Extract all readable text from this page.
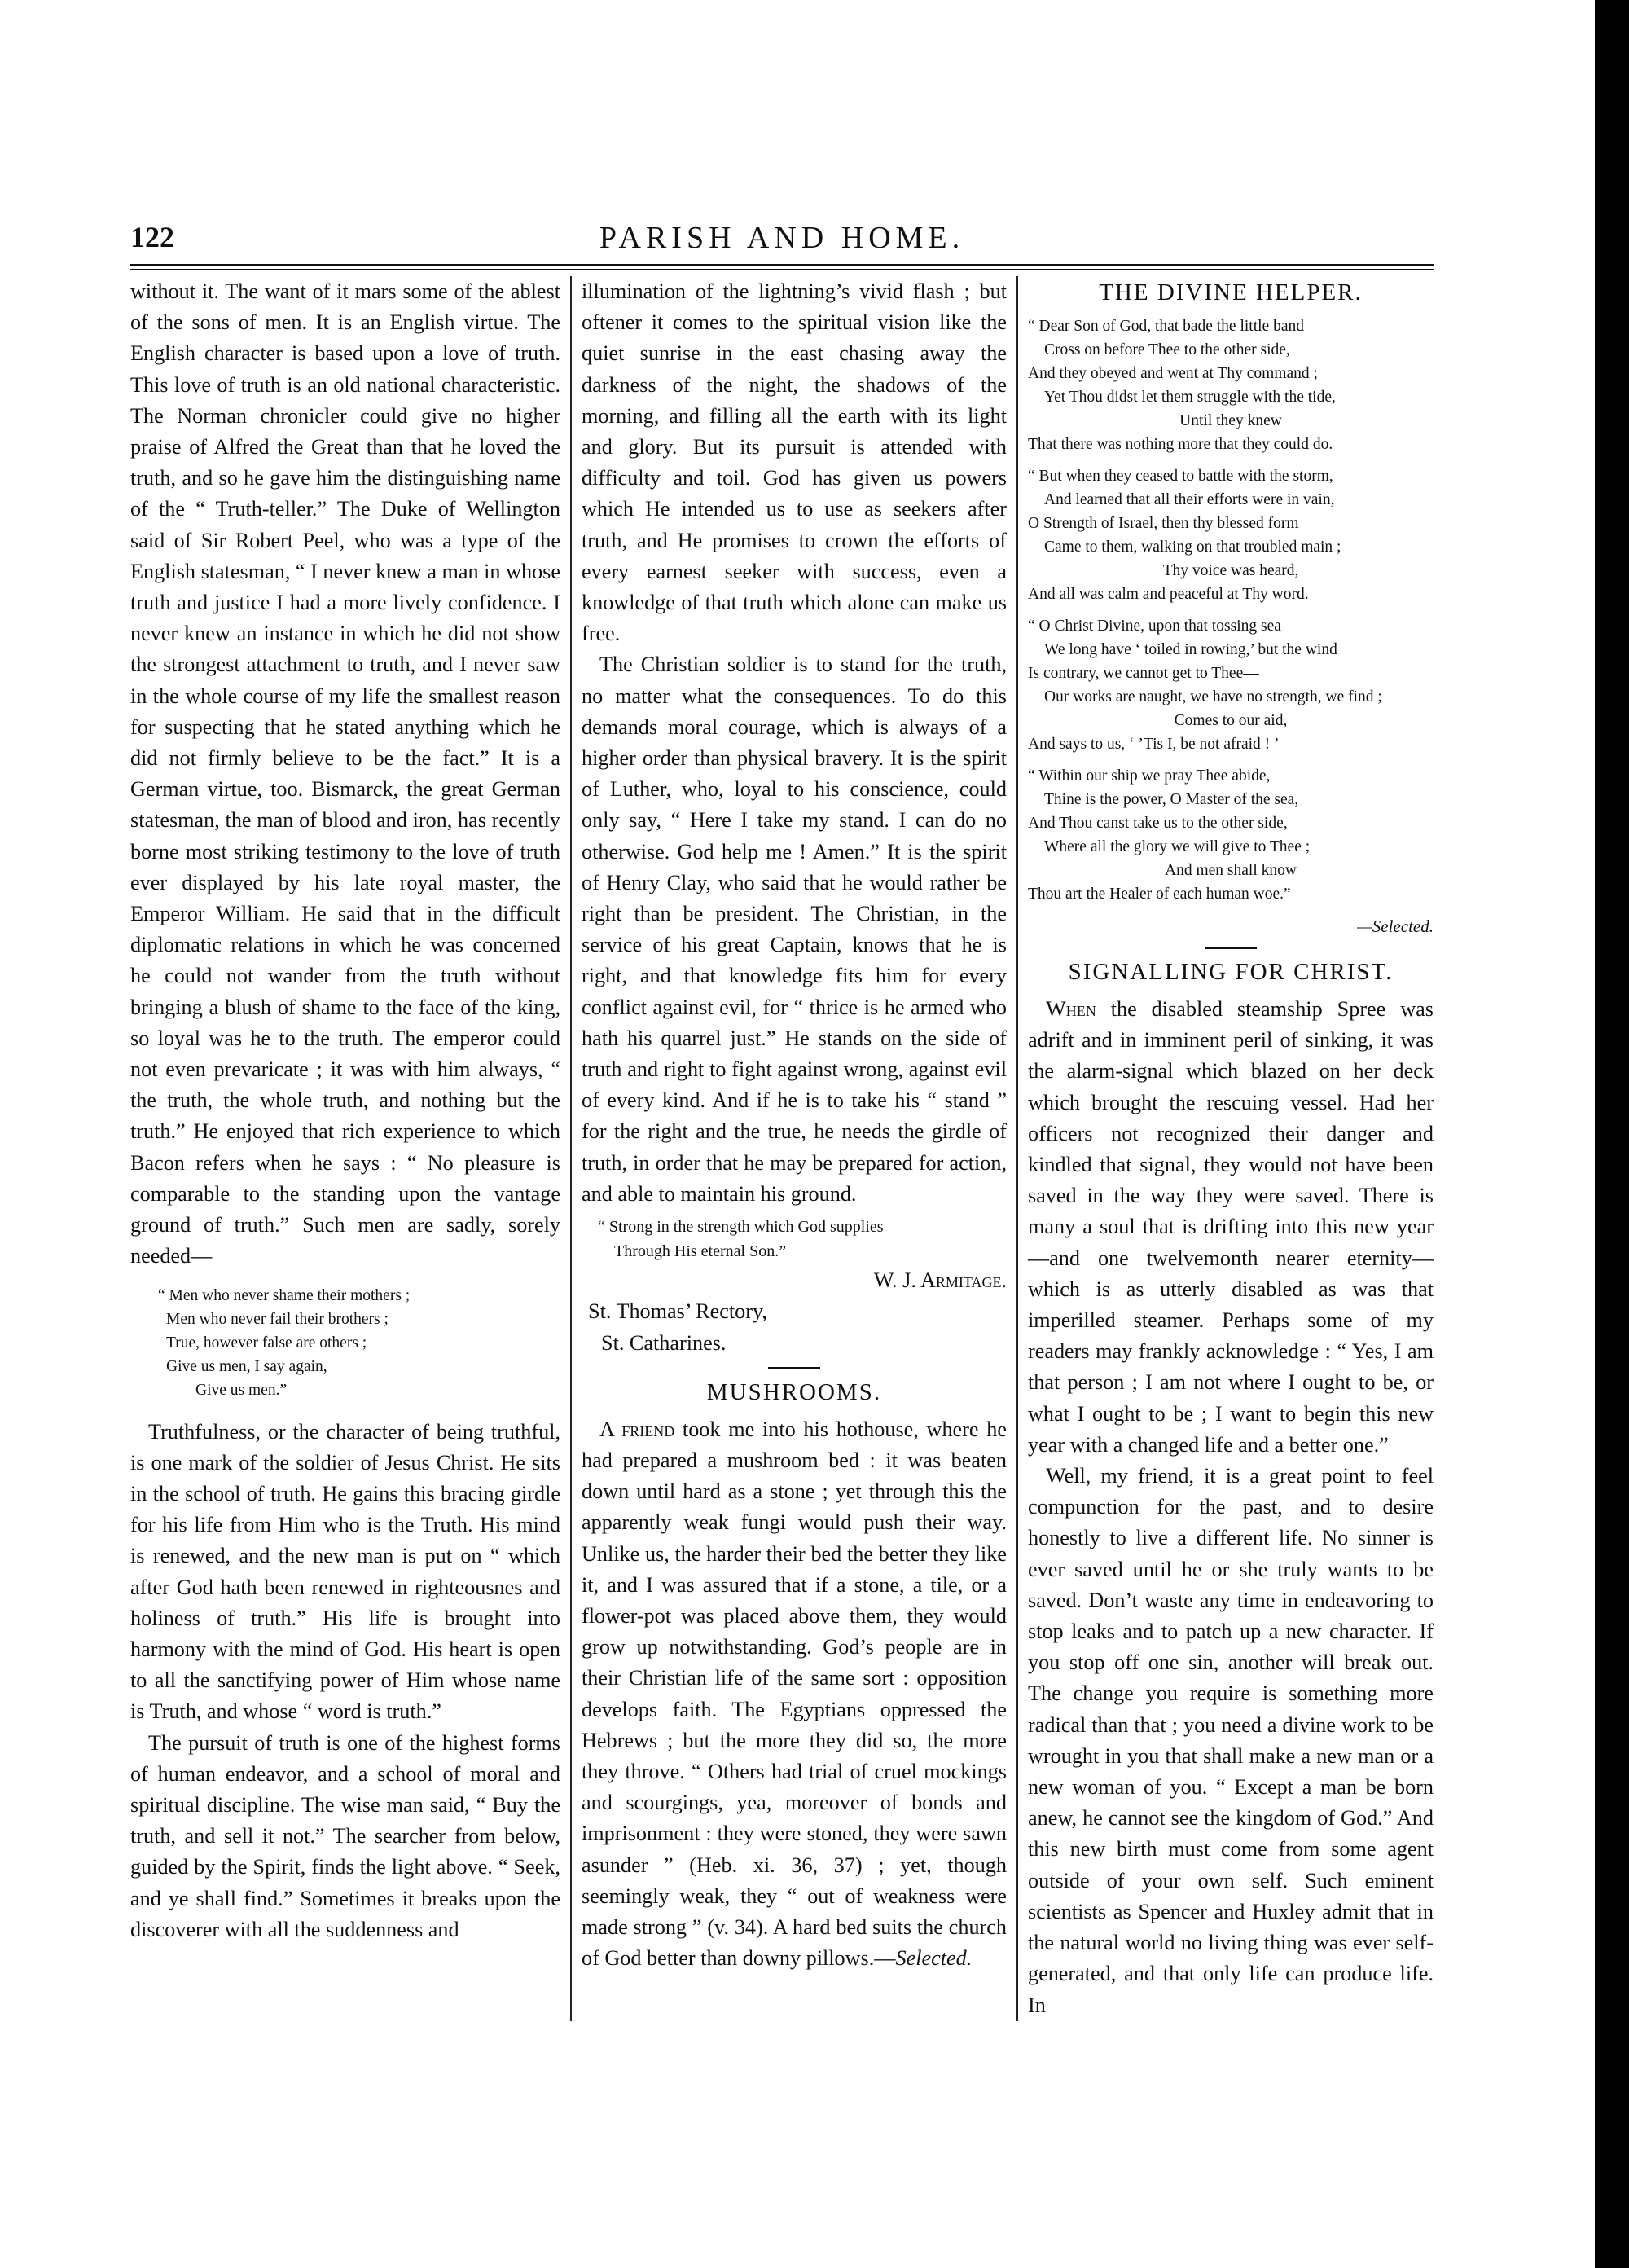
122	PARISH AND HOME.

without it. The want of it mars some of the ablest of the sons of men. It is an English virtue. The English character is based upon a love of truth. This love of truth is an old national characteristic. The Norman chronicler could give no higher praise of Alfred the Great than that he loved the truth, and so he gave him the distinguishing name of the “ Truth-teller.” The Duke of Wellington said of Sir Robert Peel, who was a type of the English statesman, “ I never knew a man in whose truth and justice I had a more lively confidence. I never knew an instance in which he did not show the strongest attachment to truth, and I never saw in the whole course of my life the smallest reason for suspecting that he stated anything which he did not firmly believe to be the fact.” It is a German virtue, too. Bismarck, the great German statesman, the man of blood and iron, has recently borne most striking testimony to the love of truth ever displayed by his late royal master, the Emperor William. He said that in the difficult diplomatic relations in which he was concerned he could not wander from the truth without bringing a blush of shame to the face of the king, so loyal was he to the truth. The emperor could not even prevaricate ; it was with him always, “ the truth, the whole truth, and nothing but the truth.” He enjoyed that rich experience to which Bacon refers when he says : “ No pleasure is comparable to the standing upon the vantage ground of truth.” Such men are sadly, sorely needed—

“ Men who never shame their mothers ;
Men who never fail their brothers ;
True, however false are others ;
Give us men, I say again,
Give us men.”

Truthfulness, or the character of being truthful, is one mark of the soldier of Jesus Christ. He sits in the school of truth. He gains this bracing girdle for his life from Him who is the Truth. His mind is renewed, and the new man is put on “ which after God hath been renewed in righteousnes and holiness of truth.” His life is brought into harmony with the mind of God. His heart is open to all the sanctifying power of Him whose name is Truth, and whose “ word is truth.”

The pursuit of truth is one of the highest forms of human endeavor, and a school of moral and spiritual discipline. The wise man said, “ Buy the truth, and sell it not.” The searcher from below, guided by the Spirit, finds the light above. “ Seek, and ye shall find.” Sometimes it breaks upon the discoverer with all the suddenness and

illumination of the lightning’s vivid flash ; but oftener it comes to the spiritual vision like the quiet sunrise in the east chasing away the darkness of the night, the shadows of the morning, and filling all the earth with its light and glory. But its pursuit is attended with difficulty and toil. God has given us powers which He intended us to use as seekers after truth, and He promises to crown the efforts of every earnest seeker with success, even a knowledge of that truth which alone can make us free.

The Christian soldier is to stand for the truth, no matter what the consequences. To do this demands moral courage, which is always of a higher order than physical bravery. It is the spirit of Luther, who, loyal to his conscience, could only say, “ Here I take my stand. I can do no otherwise. God help me ! Amen.” It is the spirit of Henry Clay, who said that he would rather be right than be president. The Christian, in the service of his great Captain, knows that he is right, and that knowledge fits him for every conflict against evil, for “ thrice is he armed who hath his quarrel just.” He stands on the side of truth and right to fight against wrong, against evil of every kind. And if he is to take his “ stand ” for the right and the true, he needs the girdle of truth, in order that he may be prepared for action, and able to maintain his ground.

“ Strong in the strength which God supplies
Through His eternal Son.”
W. J. Armitage.
St. Thomas’ Rectory,
St. Catharines.
MUSHROOMS.

A friend took me into his hothouse, where he had prepared a mushroom bed : it was beaten down until hard as a stone ; yet through this the apparently weak fungi would push their way. Unlike us, the harder their bed the better they like it, and I was assured that if a stone, a tile, or a flower-pot was placed above them, they would grow up notwithstanding. God’s people are in their Christian life of the same sort : opposition develops faith. The Egyptians oppressed the Hebrews ; but the more they did so, the more they throve. “ Others had trial of cruel mockings and scourgings, yea, moreover of bonds and imprisonment : they were stoned, they were sawn asunder ” (Heb. xi. 36, 37) ; yet, though seemingly weak, they “ out of weakness were made strong ” (v. 34). A hard bed suits the church of God better than downy pillows.—Selected.

THE DIVINE HELPER.
“ Dear Son of God, that bade the little band
Cross on before Thee to the other side,
And they obeyed and went at Thy command ;
Yet Thou didst let them struggle with the tide,
Until they knew
That there was nothing more that they could do.
“ But when they ceased to battle with the storm,
And learned that all their efforts were in vain,
O Strength of Israel, then thy blessed form
Came to them, walking on that troubled main ;
Thy voice was heard,
And all was calm and peaceful at Thy word.
“ O Christ Divine, upon that tossing sea
We long have ‘ toiled in rowing,’ but the wind
Is contrary, we cannot get to Thee—
Our works are naught, we have no strength, we find ;
Comes to our aid,
And says to us, ‘ ’Tis I, be not afraid ! ’
“ Within our ship we pray Thee abide,
Thine is the power, O Master of the sea,
And Thou canst take us to the other side,
Where all the glory we will give to Thee ;
And men shall know
Thou art the Healer of each human woe.”
—Selected.
SIGNALLING FOR CHRIST.

When the disabled steamship Spree was adrift and in imminent peril of sinking, it was the alarm-signal which blazed on her deck which brought the rescuing vessel. Had her officers not recognized their danger and kindled that signal, they would not have been saved in the way they were saved. There is many a soul that is drifting into this new year—and one twelvemonth nearer eternity—which is as utterly disabled as was that imperilled steamer. Perhaps some of my readers may frankly acknowledge : “ Yes, I am that person ; I am not where I ought to be, or what I ought to be ; I want to begin this new year with a changed life and a better one.”

Well, my friend, it is a great point to feel compunction for the past, and to desire honestly to live a different life. No sinner is ever saved until he or she truly wants to be saved. Don’t waste any time in endeavoring to stop leaks and to patch up a new character. If you stop off one sin, another will break out. The change you require is something more radical than that ; you need a divine work to be wrought in you that shall make a new man or a new woman of you. “ Except a man be born anew, he cannot see the kingdom of God.” And this new birth must come from some agent outside of your own self. Such eminent scientists as Spencer and Huxley admit that in the natural world no living thing was ever self-generated, and that only life can produce life. In
